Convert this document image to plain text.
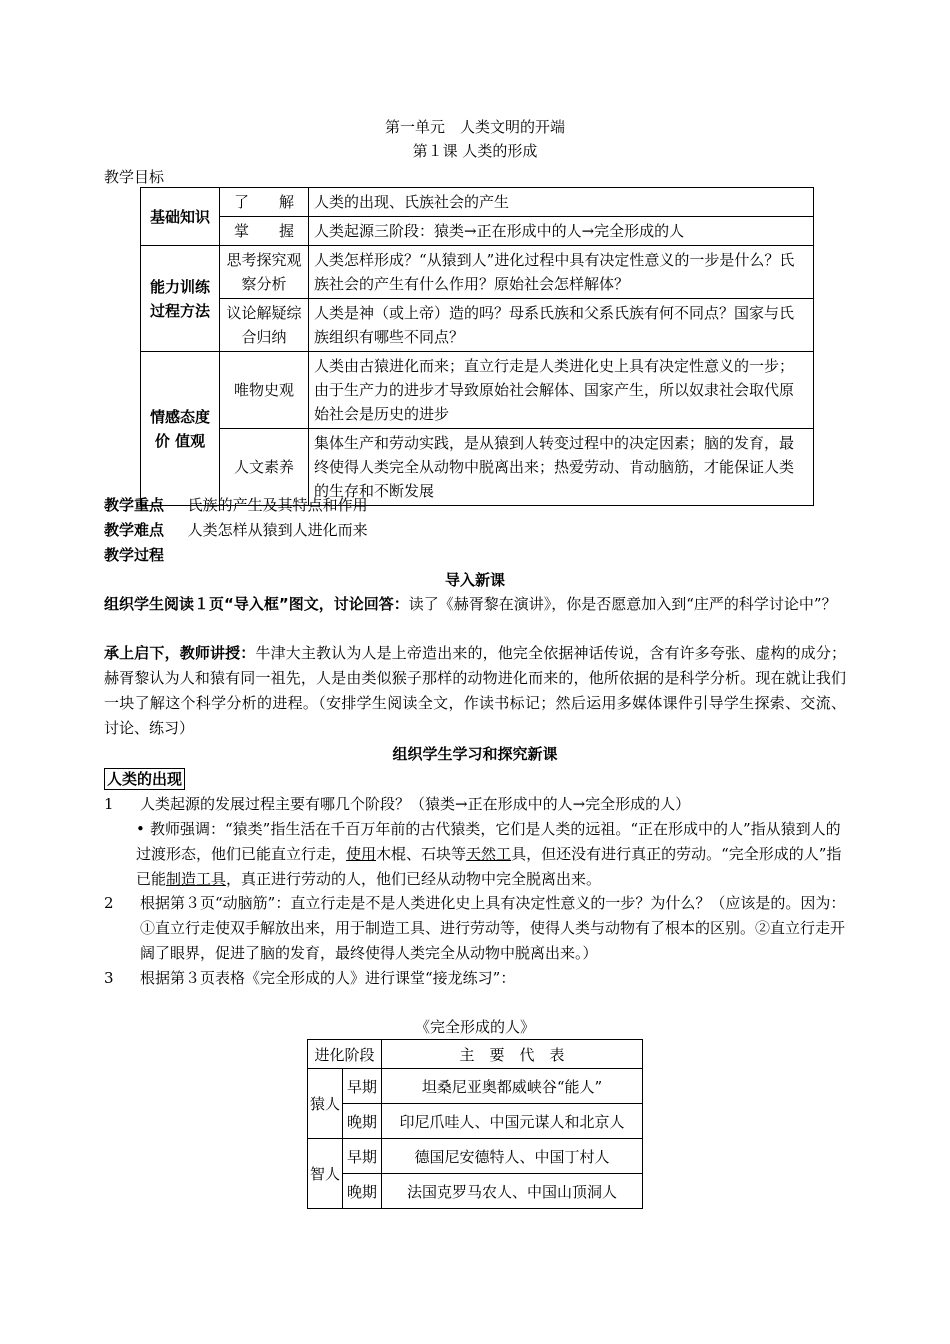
第一单元　人类文明的开端
第１课 人类的形成
教学目标
基础知识	了　　解	人类的出现、氏族社会的产生
	掌　　握	人类起源三阶段：猿类→正在形成中的人→完全形成的人
能力训练过程方法	思考探究观察分析	人类怎样形成？“从猿到人”进化过程中具有决定性意义的一步是什么？氏族社会的产生有什么作用？原始社会怎样解体？
	议论解疑综合归纳	人类是神（或上帝）造的吗？母系氏族和父系氏族有何不同点？国家与氏族组织有哪些不同点？
情感态度价 值观	唯物史观	人类由古猿进化而来；直立行走是人类进化史上具有决定性意义的一步；由于生产力的进步才导致原始社会解体、国家产生，所以奴隶社会取代原始社会是历史的进步
	人文素养	集体生产和劳动实践，是从猿到人转变过程中的决定因素；脑的发育，最终使得人类完全从动物中脱离出来；热爱劳动、肯动脑筋，才能保证人类的生存和不断发展
教学重点 氏族的产生及其特点和作用
教学难点 人类怎样从猿到人进化而来
教学过程
导入新课
组织学生阅读１页“导入框”图文，讨论回答：读了《赫胥黎在演讲》，你是否愿意加入到“庄严的科学讨论中”？
承上启下，教师讲授：牛津大主教认为人是上帝造出来的，他完全依据神话传说，含有许多夸张、虚构的成分；赫胥黎认为人和猿有同一祖先，人是由类似猴子那样的动物进化而来的，他所依据的是科学分析。现在就让我们一块了解这个科学分析的进程。（安排学生阅读全文，作读书标记；然后运用多媒体课件引导学生探索、交流、讨论、练习）
组织学生学习和探究新课
人类的出现
1	人类起源的发展过程主要有哪几个阶段？（猿类→正在形成中的人→完全形成的人）
• 教师强调：“猿类”指生活在千百万年前的古代猿类，它们是人类的远祖。“正在形成中的人”指从猿到人的过渡形态，他们已能直立行走，使用木棍、石块等天然工具，但还没有进行真正的劳动。“完全形成的人”指已能制造工具，真正进行劳动的人，他们已经从动物中完全脱离出来。
2	根据第３页“动脑筋”：直立行走是不是人类进化史上具有决定性意义的一步？为什么？（应该是的。因为：①直立行走使双手解放出来，用于制造工具、进行劳动等，使得人类与动物有了根本的区别。②直立行走开阔了眼界，促进了脑的发育，最终使得人类完全从动物中脱离出来。）
3	根据第３页表格《完全形成的人》进行课堂“接龙练习”：
《完全形成的人》
进化阶段		主　要　代　表
猿人	早期	坦桑尼亚奥都威峡谷“能人”
	晚期	印尼爪哇人、中国元谋人和北京人
智人	早期	德国尼安德特人、中国丁村人
	晚期	法国克罗马农人、中国山顶洞人
